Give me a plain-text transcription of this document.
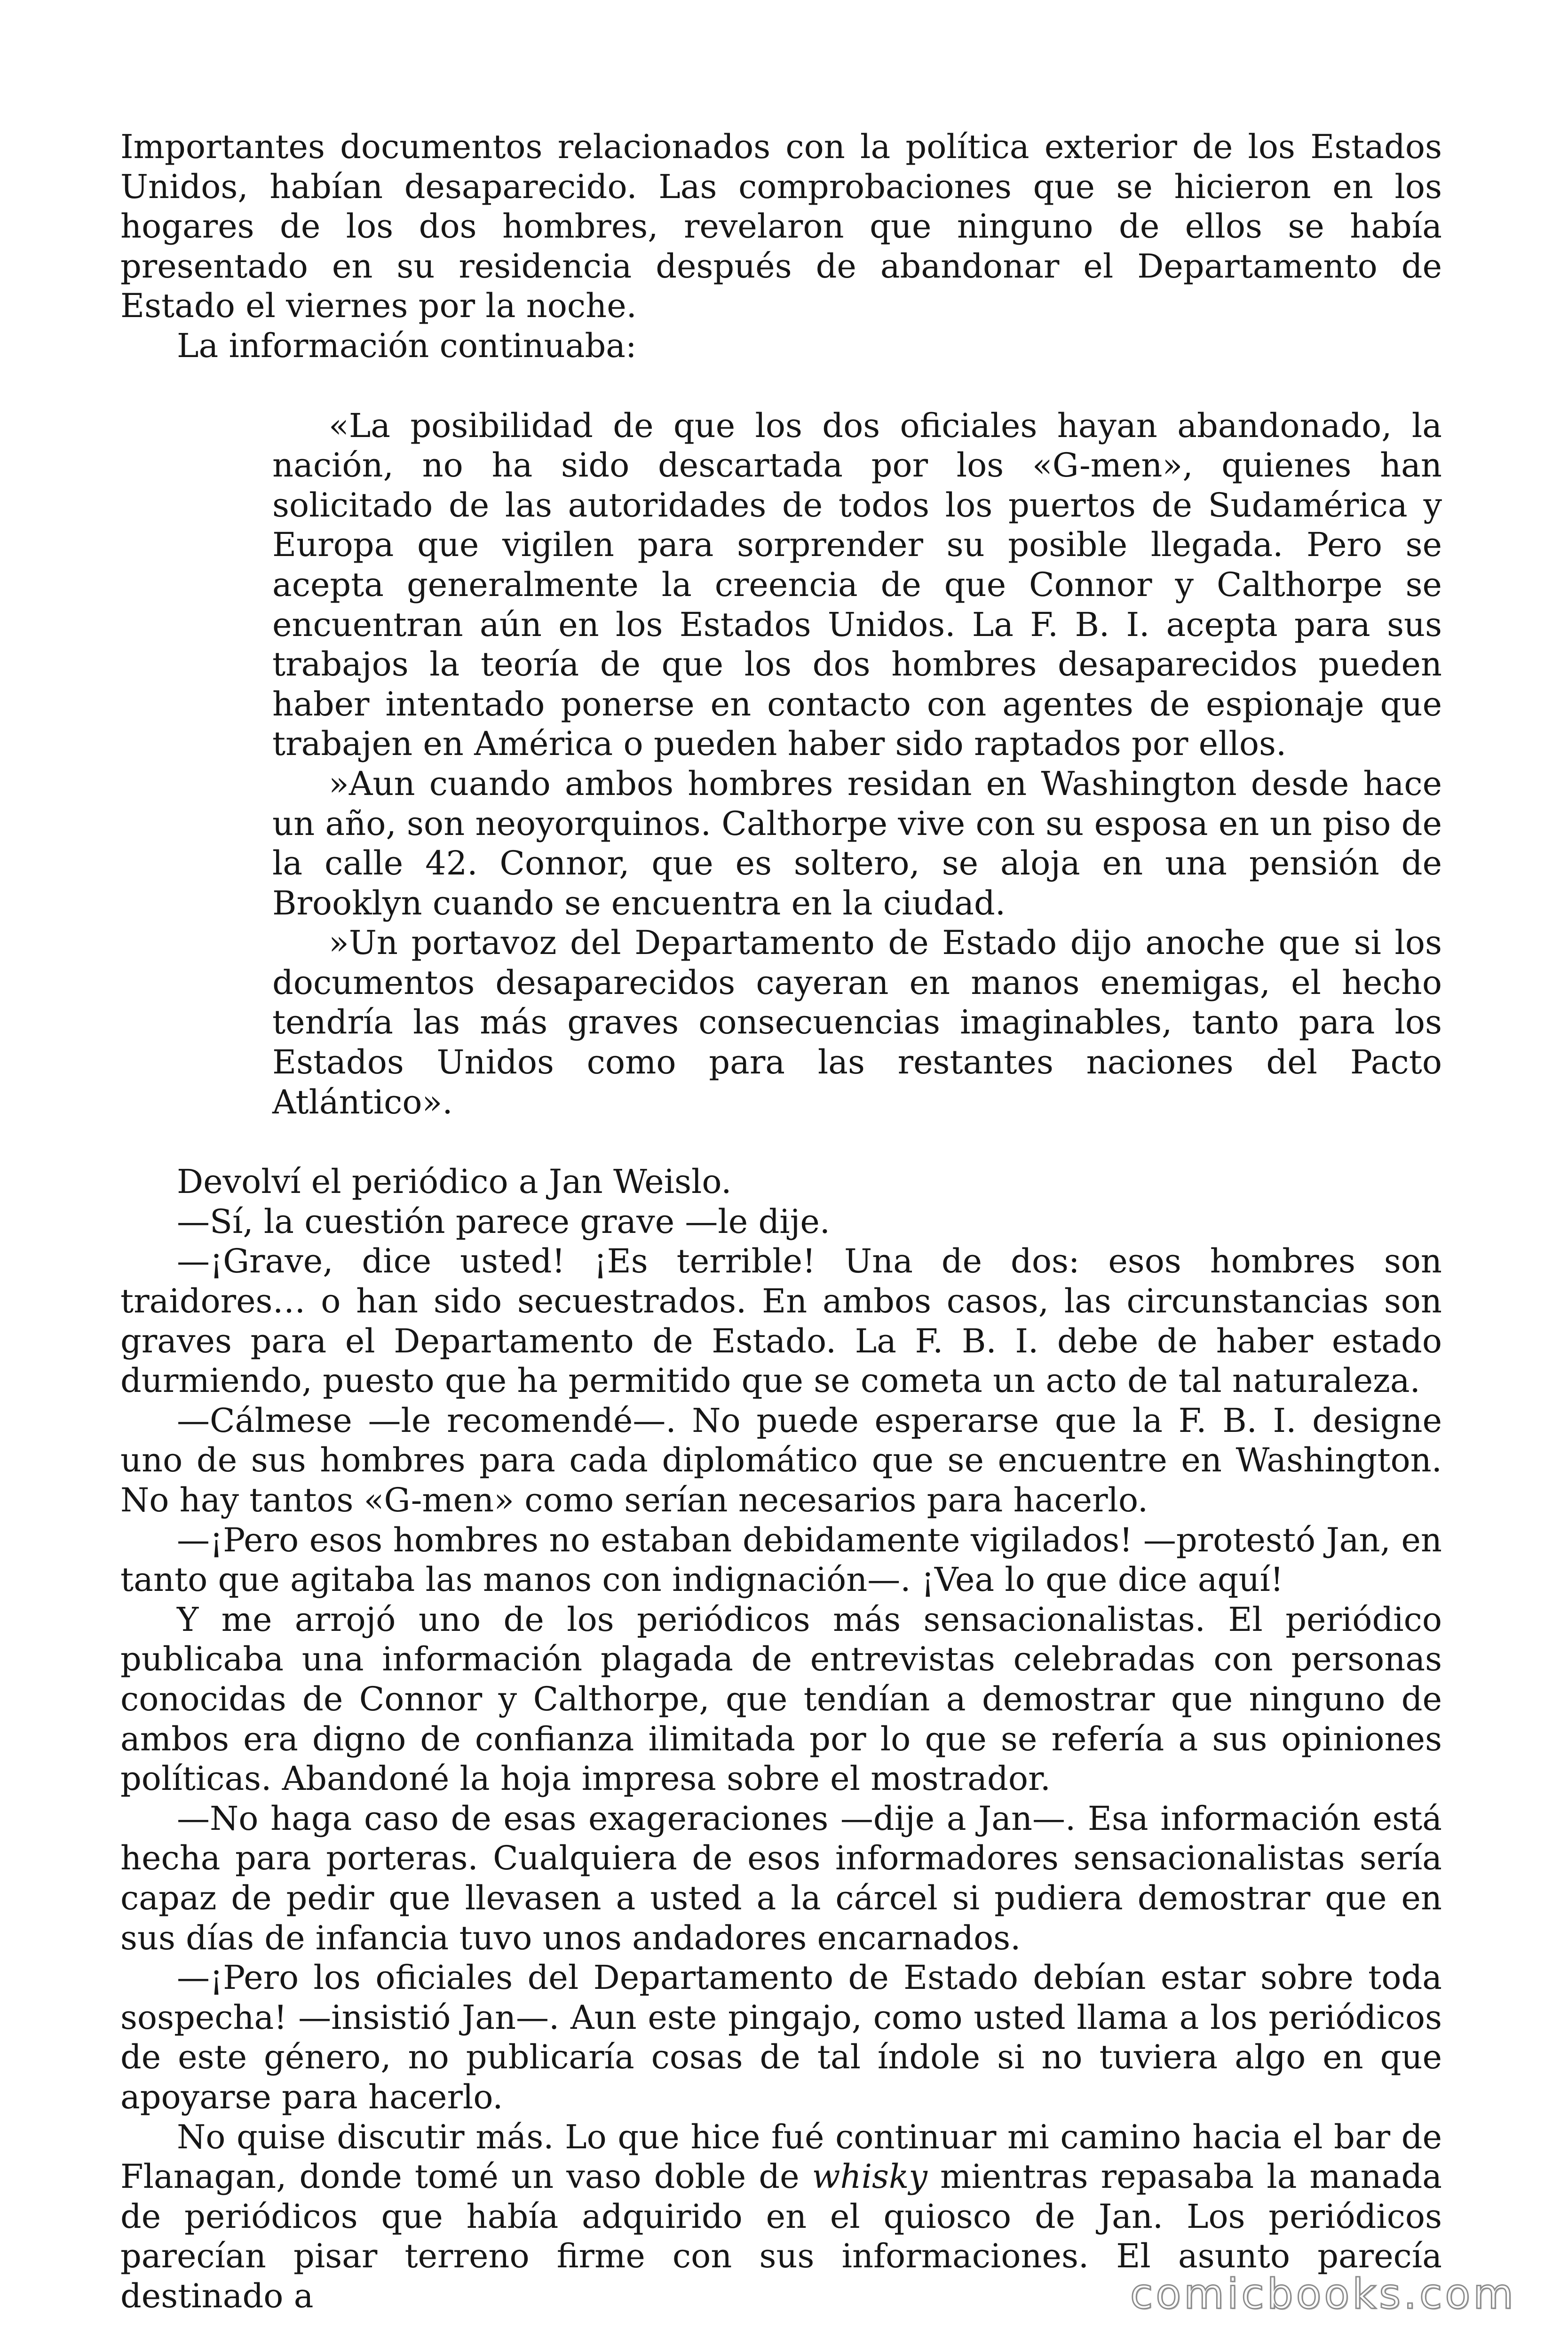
Importantes documentos relacionados con la política exterior de los Estados Unidos, habían desaparecido. Las comprobaciones que se hicieron en los hogares de los dos hombres, revelaron que ninguno de ellos se había presentado en su residencia después de abandonar el Departamento de Estado el viernes por la noche.

La información continuaba:

«La posibilidad de que los dos oficiales hayan abandonado, la nación, no ha sido descartada por los «G-men», quienes han solicitado de las autoridades de todos los puertos de Sudamérica y Europa que vigilen para sorprender su posible llegada. Pero se acepta generalmente la creencia de que Connor y Calthorpe se encuentran aún en los Estados Unidos. La F. B. I. acepta para sus trabajos la teoría de que los dos hombres desaparecidos pueden haber intentado ponerse en contacto con agentes de espionaje que trabajen en América o pueden haber sido raptados por ellos.

»Aun cuando ambos hombres residan en Washington desde hace un año, son neoyorquinos. Calthorpe vive con su esposa en un piso de la calle 42. Connor, que es soltero, se aloja en una pensión de Brooklyn cuando se encuentra en la ciudad.

»Un portavoz del Departamento de Estado dijo anoche que si los documentos desaparecidos cayeran en manos enemigas, el hecho tendría las más graves consecuencias imaginables, tanto para los Estados Unidos como para las restantes naciones del Pacto Atlántico».

Devolví el periódico a Jan Weislo.

—Sí, la cuestión parece grave —le dije.

—¡Grave, dice usted! ¡Es terrible! Una de dos: esos hombres son traidores… o han sido secuestrados. En ambos casos, las circunstancias son graves para el Departamento de Estado. La F. B. I. debe de haber estado durmiendo, puesto que ha permitido que se cometa un acto de tal naturaleza.

—Cálmese —le recomendé—. No puede esperarse que la F. B. I. designe uno de sus hombres para cada diplomático que se encuentre en Washington. No hay tantos «G-men» como serían necesarios para hacerlo.

—¡Pero esos hombres no estaban debidamente vigilados! —protestó Jan, en tanto que agitaba las manos con indignación—. ¡Vea lo que dice aquí!

Y me arrojó uno de los periódicos más sensacionalistas. El periódico publicaba una información plagada de entrevistas celebradas con personas conocidas de Connor y Calthorpe, que tendían a demostrar que ninguno de ambos era digno de confianza ilimitada por lo que se refería a sus opiniones políticas. Abandoné la hoja impresa sobre el mostrador.

—No haga caso de esas exageraciones —dije a Jan—. Esa información está hecha para porteras. Cualquiera de esos informadores sensacionalistas sería capaz de pedir que llevasen a usted a la cárcel si pudiera demostrar que en sus días de infancia tuvo unos andadores encarnados.

—¡Pero los oficiales del Departamento de Estado debían estar sobre toda sospecha! —insistió Jan—. Aun este pingajo, como usted llama a los periódicos de este género, no publicaría cosas de tal índole si no tuviera algo en que apoyarse para hacerlo.

No quise discutir más. Lo que hice fué continuar mi camino hacia el bar de Flanagan, donde tomé un vaso doble de whisky mientras repasaba la manada de periódicos que había adquirido en el quiosco de Jan. Los periódicos parecían pisar terreno firme con sus informaciones. El asunto parecía destinado a	comicbooks.com
